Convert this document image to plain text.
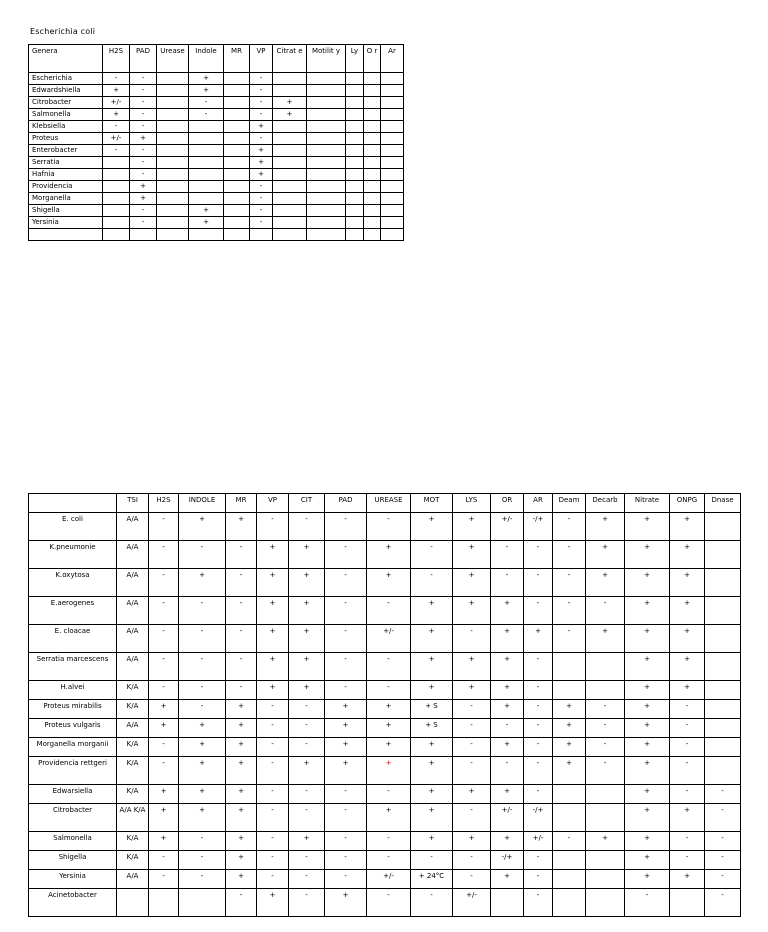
Escherichia coli
Genera	H2S	PAD	Urease	Indole	MR	VP	Citrat e	Motilit y	Ly	O r	Ar
Escherichia	-	-		+		-					
Edwardshiella	+	-		+		-					
Citrobacter	+/-	-		-		-	+				
Salmonella	+	-		-		-	+				
Klebsiella	-	-				+					
Proteus	+/-	+				-					
Enterobacter	-	-				+					
Serratia		-				+					
Hafnia		-				+					
Providencia		+				-					
Morganella		+				-					
Shigella		-		+		-					
Yersinia		-		+		-					

	TSI	H2S	INDOLE	MR	VP	CIT	PAD	UREASE	MOT	LYS	OR	AR	Deam	Decarb	Nitrate	ONPG	Dnase
E. coli	A/A	-	+	+	-	-	-	-	+	+	+/-	-/+	-	+	+	+	
K.pneumonie	A/A	-	-	-	+	+	-	+	-	+	-	-	-	+	+	+	
K.oxytosa	A/A	-	+	-	+	+	-	+	-	+	-	-	-	+	+	+	
E.aerogenes	A/A	-	-	-	+	+	-	-	+	+	+	-	-	-	+	+	
E. cloacae	A/A	-	-	-	+	+	-	+/-	+	-	+	+	-	+	+	+	
Serratia marcescens	A/A	-	-	-	+	+	-	-	+	+	+	-			+	+	
H.alvei	K/A	-	-	-	+	+	-	-	+	+	+	-			+	+	
Proteus mirabilis	K/A	+	-	+	-	-	+	+	+ S	-	+	-	+	-	+	-	
Proteus vulgaris	A/A	+	+	+	-	-	+	+	+ S	-	-	-	+	-	+	-	
Morganella morganii	K/A	-	+	+	-	-	+	+	+	-	+	-	+	-	+	-	
Providencia rettgeri	K/A	-	+	+	-	+	+	+	+	-	-	-	+	-	+	-	
Edwarsiella	K/A	+	+	+	-	-	-	-	+	+	+	-			+	-	-
Citrobacter	A/A K/A	+	+	+	-	-	-	+	+	-	+/-	-/+			+	+	-
Salmonella	K/A	+	-	+	-	+	-	-	+	+	+	+/-	-	+	+	-	-
Shigella	K/A	-	-	+	-	-	-	-	-	-	-/+	-			+	-	-
Yersinia	A/A	-	-	+	-	-	-	+/-	+ 24°C	-	+	-			+	+	-
Acinetobacter				-	+	-	+	-	-	+/-		-			-		-
